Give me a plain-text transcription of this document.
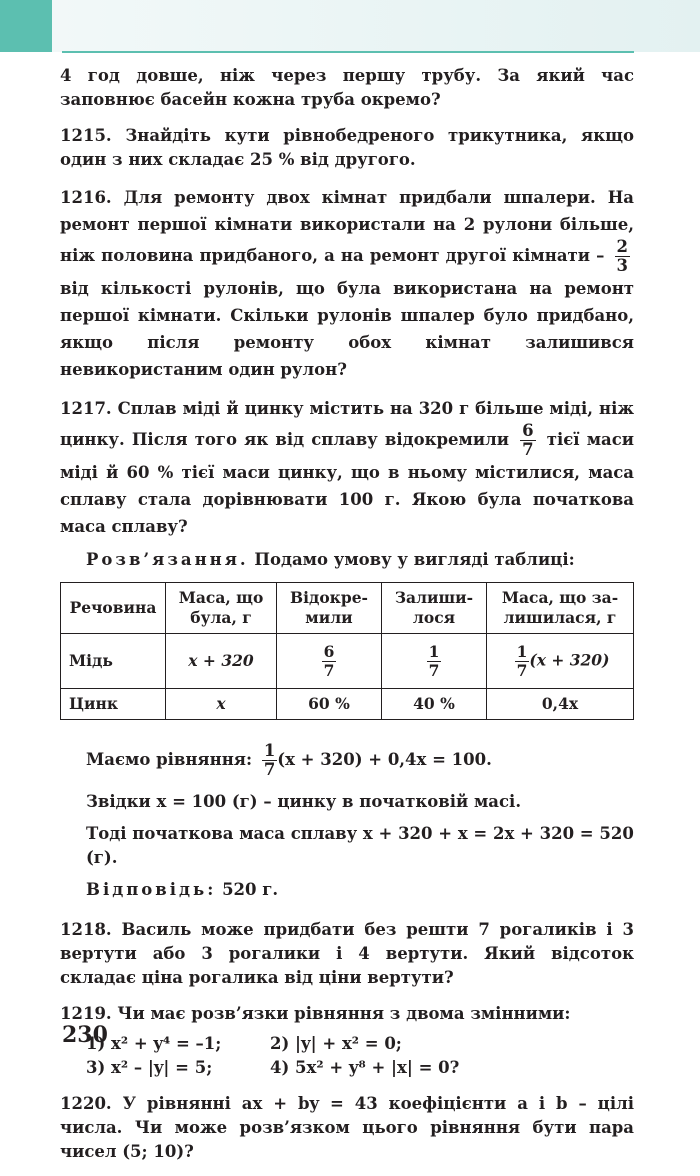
4 год довше, ніж через першу трубу. За який час заповнює басейн кожна труба окремо?

1215. Знайдіть кути рівнобедреного трикутника, якщо один з них складає 25 % від другого.

1216. Для ремонту двох кімнат придбали шпалери. На ремонт першої кімнати використали на 2 рулони більше, ніж половина придбаного, а на ремонт другої кімнати – $\frac{2}{3}$
від кількості рулонів, що була використана на ремонт першої кімнати. Скільки рулонів шпалер було придбано, якщо після ремонту обох кімнат залишився невикористаним один рулон?

1217. Сплав міді й цинку містить на 320 г більше міді, ніж цинку. Після того як від сплаву відокремили $\frac{6}{7}$ тієї маси міді й 60 % тієї маси цинку, що в ньому містилися, маса сплаву стала дорівнювати 100 г. Якою була початкова маса сплаву?

Розв’язання. Подамо умову у вигляді таблиці:
Речовина	Маса, що була, г	Відокре-мили	Залиши-лося	Маса, що за-лишилася, г
Мідь	x + 320	$\frac{6}{7}$	$\frac{1}{7}$	$\frac{1}{7} (x + 320)$
Цинк	x	60 %	40 %	0,4x
Маємо рівняння: $\frac{1}{7} (x + 320) + 0,4x = 100$.
Звідки x = 100 (г) – цинку в початковій масі.
Тоді початкова маса сплаву x + 320 + x = 2x + 320 = 520 (г).
Відповідь: 520 г.

1218. Василь може придбати без решти 7 рогаликів і 3 вертути або 3 рогалики і 4 вертути. Який відсоток складає ціна рогалика від ціни вертути?

1219. Чи має розв’язки рівняння з двома змінними:

1) x² + y⁴ = –1;	2) |y| + x² = 0;
3) x² – |y| = 5;	4) 5x² + y⁸ + |x| = 0?

1220. У рівнянні ax + by = 43 коефіцієнти a і b – цілі числа. Чи може розв’язком цього рівняння бути пара чисел (5; 10)?

230
